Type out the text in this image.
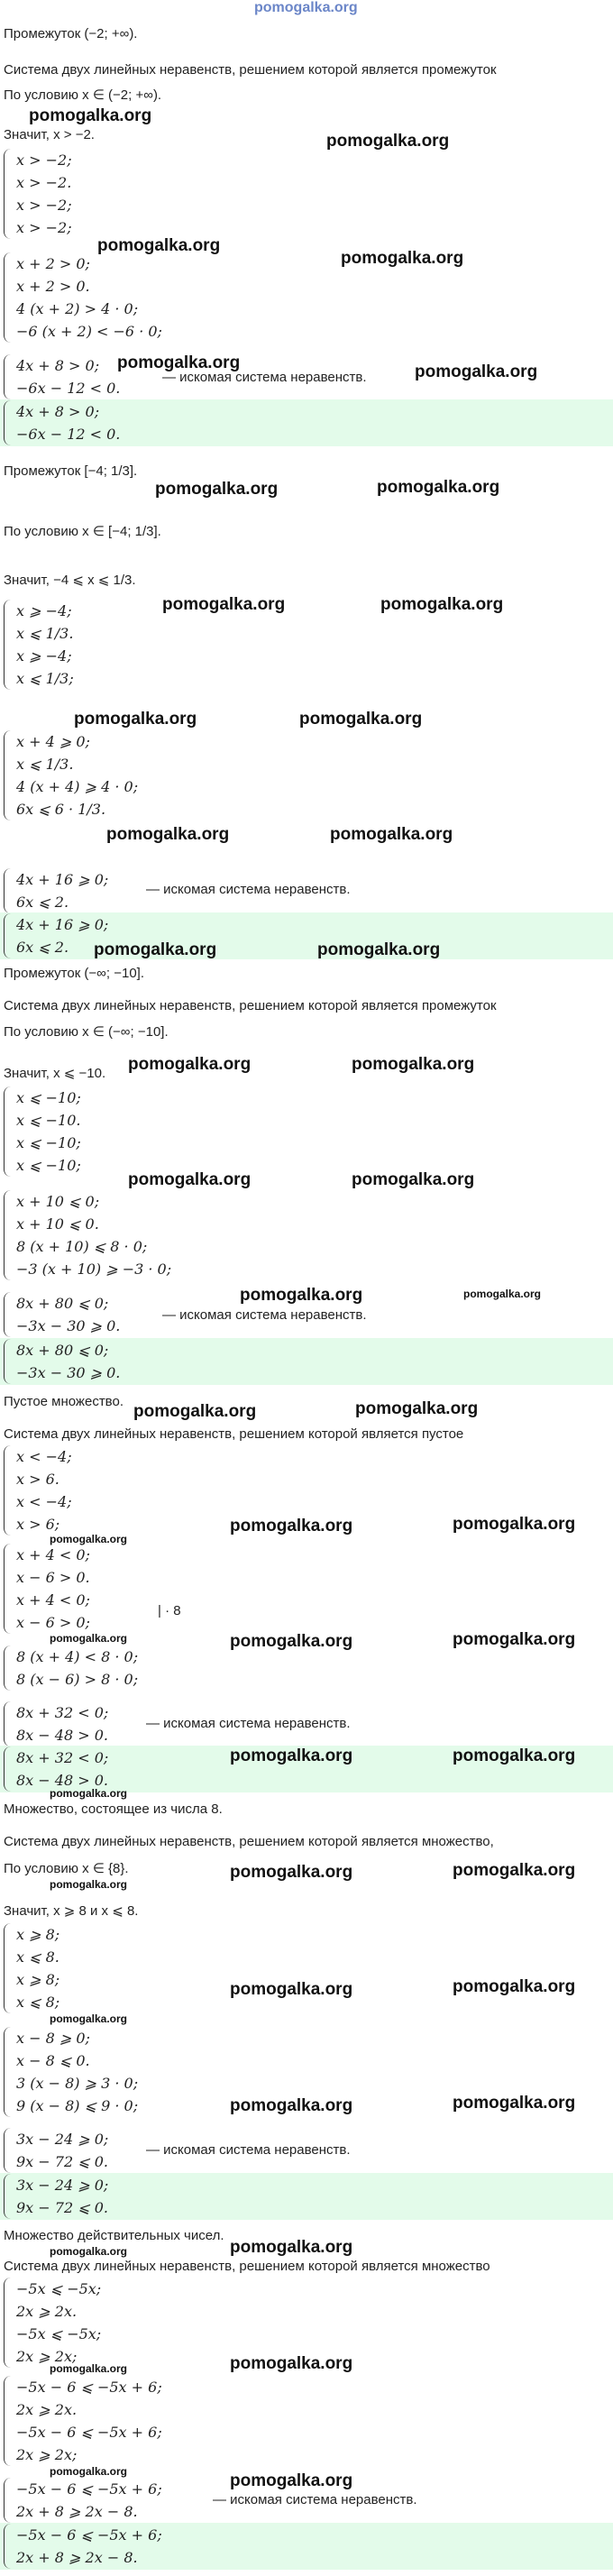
pomogalka.org
Промежуток (−2; +∞).
Система двух линейных неравенств, решением которой является промежуток
По условию x ∈ (−2; +∞).
Значит, x > −2.
x > −2;
x > −2.
x > −2;
x > −2;
x + 2 > 0;
x + 2 > 0.
4 (x + 2) > 4 · 0;
−6 (x + 2) < −6 · 0;
4x + 8 > 0;
−6x − 12 < 0.
— искомая система неравенств.
4x + 8 > 0;
−6x − 12 < 0.
Промежуток [−4; 1/3].
По условию x ∈ [−4; 1/3].
Значит, −4 ⩽ x ⩽ 1/3.
x ⩾ −4;
x ⩽ 1/3.
x ⩾ −4;
x ⩽ 1/3;
x + 4 ⩾ 0;
x ⩽ 1/3.
4 (x + 4) ⩾ 4 · 0;
6x ⩽ 6 · 1/3.
4x + 16 ⩾ 0;
6x ⩽ 2.
— искомая система неравенств.
4x + 16 ⩾ 0;
6x ⩽ 2.
Промежуток (−∞; −10].
Система двух линейных неравенств, решением которой является промежуток
По условию x ∈ (−∞; −10].
Значит, x ⩽ −10.
x ⩽ −10;
x ⩽ −10.
x ⩽ −10;
x ⩽ −10;
x + 10 ⩽ 0;
x + 10 ⩽ 0.
8 (x + 10) ⩽ 8 · 0;
−3 (x + 10) ⩾ −3 · 0;
8x + 80 ⩽ 0;
−3x − 30 ⩾ 0.
— искомая система неравенств.
8x + 80 ⩽ 0;
−3x − 30 ⩾ 0.
Пустое множество.
Система двух линейных неравенств, решением которой является пустое
x < −4;
x > 6.
x < −4;
x > 6;
x + 4 < 0;
x − 6 > 0.
x + 4 < 0;
x − 6 > 0;
| · 8
8 (x + 4) < 8 · 0;
8 (x − 6) > 8 · 0;
8x + 32 < 0;
8x − 48 > 0.
— искомая система неравенств.
8x + 32 < 0;
8x − 48 > 0.
Множество, состоящее из числа 8.
Система двух линейных неравенств, решением которой является множество,
По условию x ∈ {8}.
Значит, x ⩾ 8 и x ⩽ 8.
x ⩾ 8;
x ⩽ 8.
x ⩾ 8;
x ⩽ 8;
x − 8 ⩾ 0;
x − 8 ⩽ 0.
3 (x − 8) ⩾ 3 · 0;
9 (x − 8) ⩽ 9 · 0;
3x − 24 ⩾ 0;
9x − 72 ⩽ 0.
— искомая система неравенств.
3x − 24 ⩾ 0;
9x − 72 ⩽ 0.
Множество действительных чисел.
Система двух линейных неравенств, решением которой является множество
−5x ⩽ −5x;
2x ⩾ 2x.
−5x ⩽ −5x;
2x ⩾ 2x;
−5x − 6 ⩽ −5x + 6;
2x ⩾ 2x.
−5x − 6 ⩽ −5x + 6;
2x ⩾ 2x;
−5x − 6 ⩽ −5x + 6;
2x + 8 ⩾ 2x − 8.
— искомая система неравенств.
−5x − 6 ⩽ −5x + 6;
2x + 8 ⩾ 2x − 8.
pomogalka.org
pomogalka.org
pomogalka.org
pomogalka.org
pomogalka.org	pomogalka.org
pomogalka.org	pomogalka.org
pomogalka.org	pomogalka.org
pomogalka.org	pomogalka.org
pomogalka.org	pomogalka.org
pomogalka.org	pomogalka.org
pomogalka.org	pomogalka.org
pomogalka.org	pomogalka.org
pomogalka.org	pomogalka.org
pomogalka.org	pomogalka.org
pomogalka.org
pomogalka.org	pomogalka.org
pomogalka.org	pomogalka.org	pomogalka.org
pomogalka.org	pomogalka.org
pomogalka.org
pomogalka.org
pomogalka.org	pomogalka.org
pomogalka.org
pomogalka.org	pomogalka.org
pomogalka.org	pomogalka.org
pomogalka.org	pomogalka.org
pomogalka.org	pomogalka.org
pomogalka.org	pomogalka.org
